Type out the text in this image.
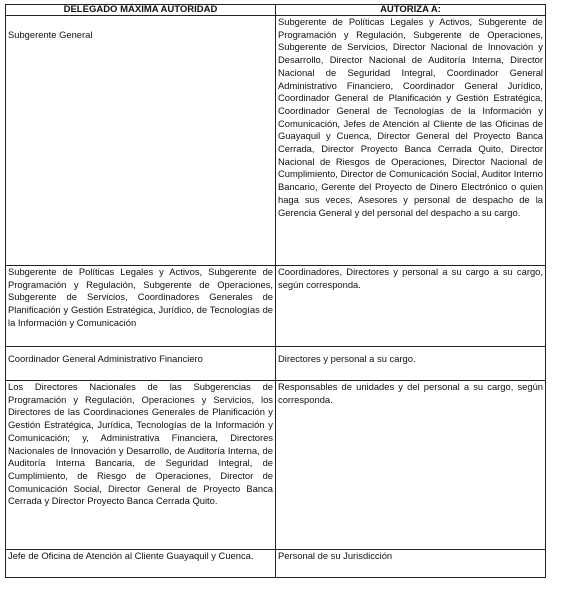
DELEGADO MÁXIMA AUTORIDAD	AUTORIZA A:

Subgerente General	Subgerente de Políticas Legales y Activos, Subgerente de Programación y Regulación, Subgerente de Operaciones, Subgerente de Servicios, Director Nacional de Innovación y Desarrollo, Director Nacional de Auditoría Interna, Director Nacional de Seguridad Integral, Coordinador General Administrativo Financiero, Coordinador General Jurídico, Coordinador General de Planificación y Gestión Estratégica, Coordinador General de Tecnologías de la Información y Comunicación, Jefes de Atención al Cliente de las Oficinas de Guayaquil y Cuenca, Director General del Proyecto Banca Cerrada, Director Proyecto Banca Cerrada Quito, Director Nacional de Riesgos de Operaciones, Director Nacional de Cumplimiento, Director de Comunicación Social, Auditor Interno Bancario, Gerente del Proyecto de Dinero Electrónico o quien haga sus veces, Asesores y personal de despacho de la Gerencia General y del personal del despacho a su cargo.
Subgerente de Políticas Legales y Activos, Subgerente de Programación y Regulación, Subgerente de Operaciones, Subgerente de Servicios, Coordinadores Generales de Planificación y Gestión Estratégica, Jurídico, de Tecnologías de la Información y Comunicación	Coordinadores, Directores y personal a su cargo a su cargo, según corresponda.

Coordinador General Administrativo Financiero	Directores y personal a su cargo.
Los Directores Nacionales de las Subgerencias de Programación y Regulación, Operaciones y Servicios, los Directores de las Coordinaciones Generales de Planificación y Gestión Estratégica, Jurídica, Tecnologías de la Información y Comunicación; y, Administrativa Financiera, Directores Nacionales de Innovación y Desarrollo, de Auditoría Interna, de Auditoría Interna Bancaria, de Seguridad Integral, de Cumplimiento, de Riesgo de Operaciones, Director de Comunicación Social, Director General de Proyecto Banca Cerrada y Director Proyecto Banca Cerrada Quito.	Responsables de unidades y del personal a su cargo, según corresponda.
Jefe de Oficina de Atención al Cliente Guayaquil y Cuenca.	Personal de su Jurisdicción
